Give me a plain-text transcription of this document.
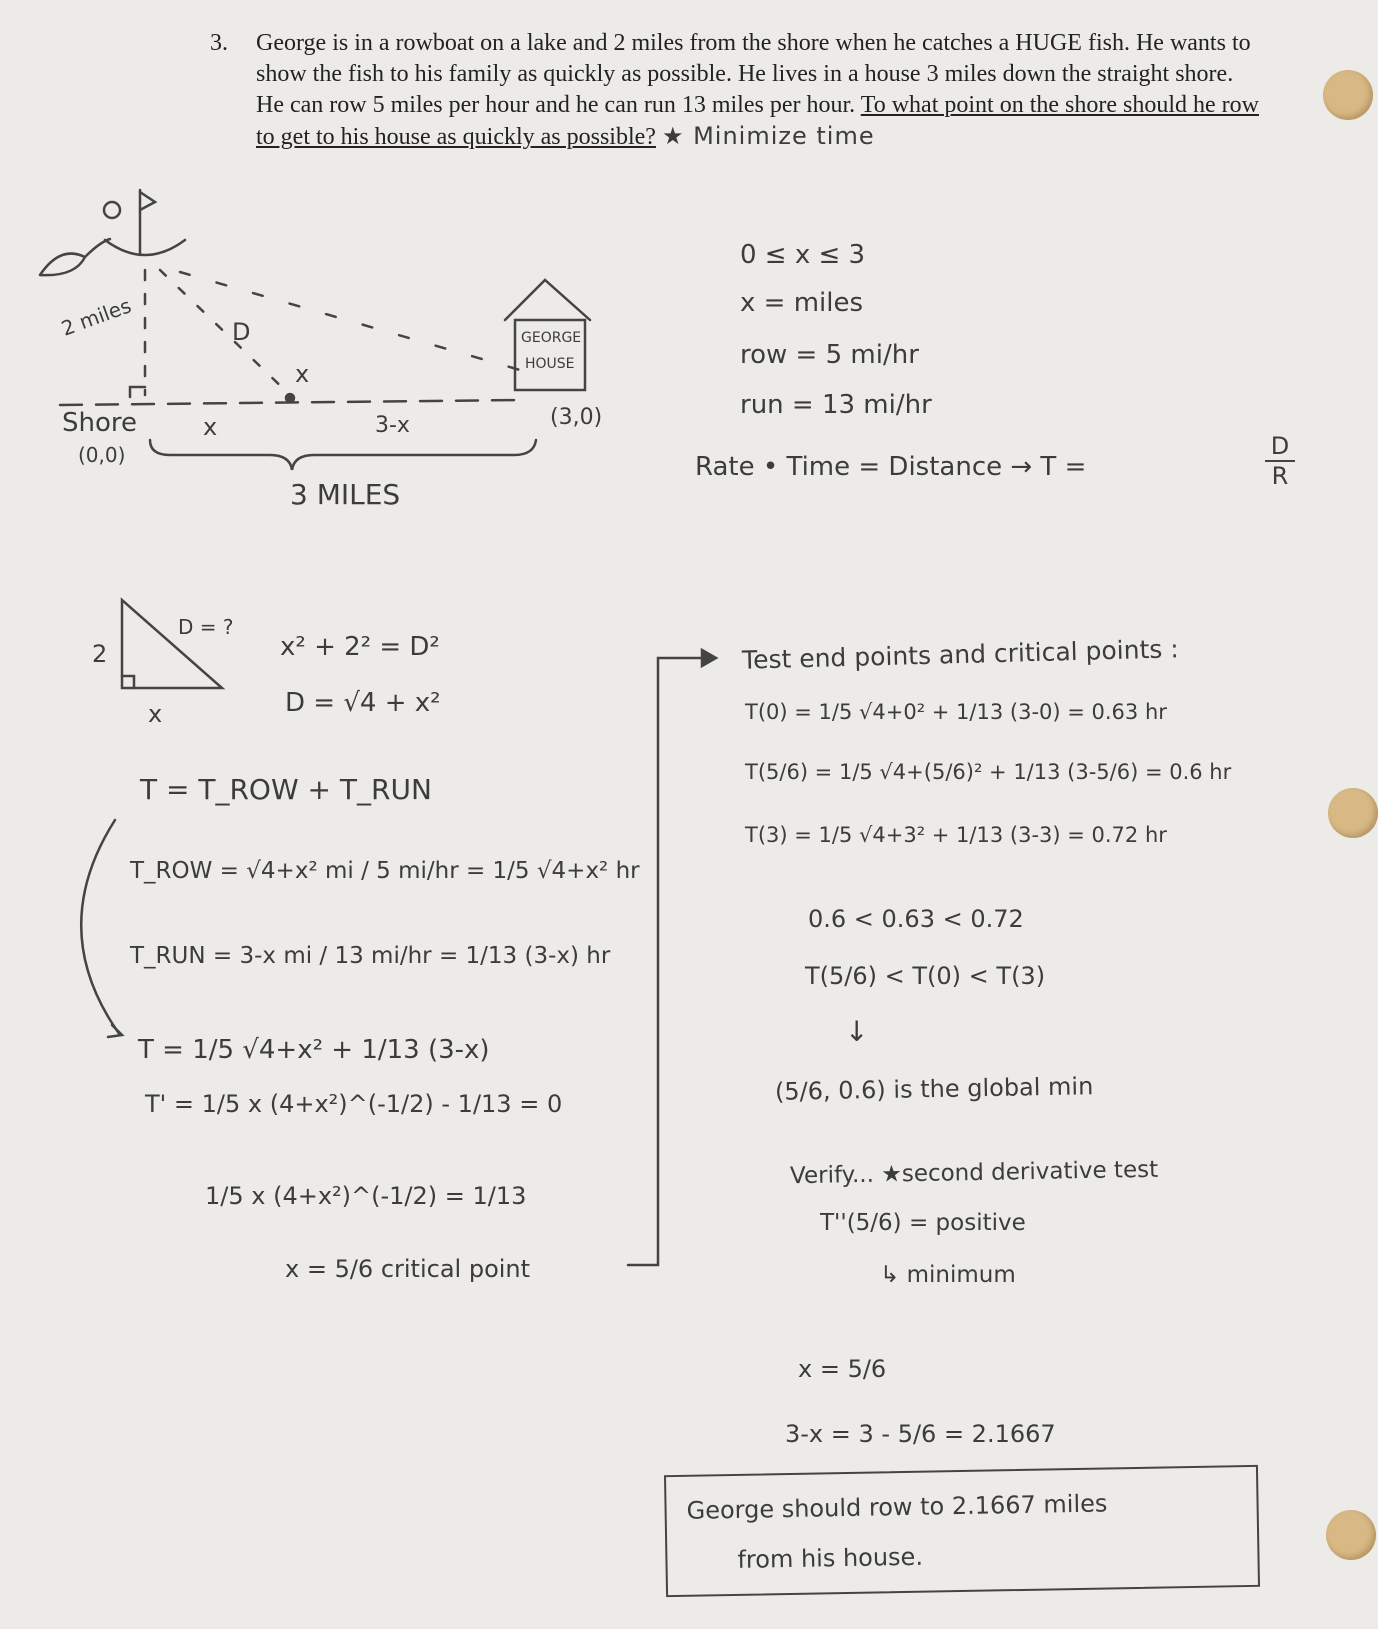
3. George is in a rowboat on a lake and 2 miles from the shore when he catches a HUGE fish. He wants to show the fish to his family as quickly as possible. He lives in a house 3 miles down the straight shore. He can row 5 miles per hour and he can run 13 miles per hour. To what point on the shore should he row to get to his house as quickly as possible? ★ Minimize time
2 miles	D
x
Shore
(0,0)
x	3-x
GEORGE
HOUSE
(3,0)
3 MILES
0 ≤ x ≤ 3
x = miles
row = 5 mi/hr
run = 13 mi/hr
Rate • Time = Distance → T =	$\frac{D}{R}$
2
x
D = ?
x² + 2² = D²
D = √4 + x²
T = T_ROW + T_RUN
T_ROW = √4+x² mi / 5 mi/hr = 1/5 √4+x² hr
T_RUN = 3-x mi / 13 mi/hr = 1/13 (3-x) hr
T = 1/5 √4+x² + 1/13 (3-x)
T' = 1/5 x (4+x²)^(-1/2) - 1/13 = 0
1/5 x (4+x²)^(-1/2) = 1/13
x = 5/6 critical point
Test end points and critical points :
T(0) = 1/5 √4+0² + 1/13 (3-0) = 0.63 hr
T(5/6) = 1/5 √4+(5/6)² + 1/13 (3-5/6) = 0.6 hr
T(3) = 1/5 √4+3² + 1/13 (3-3) = 0.72 hr
0.6 < 0.63 < 0.72
T(5/6) < T(0) < T(3)
↓
(5/6, 0.6) is the global min
Verify... ★second derivative test
T''(5/6) = positive
↳ minimum
x = 5/6
3-x = 3 - 5/6 = 2.1667
George should row to 2.1667 miles
from his house.
